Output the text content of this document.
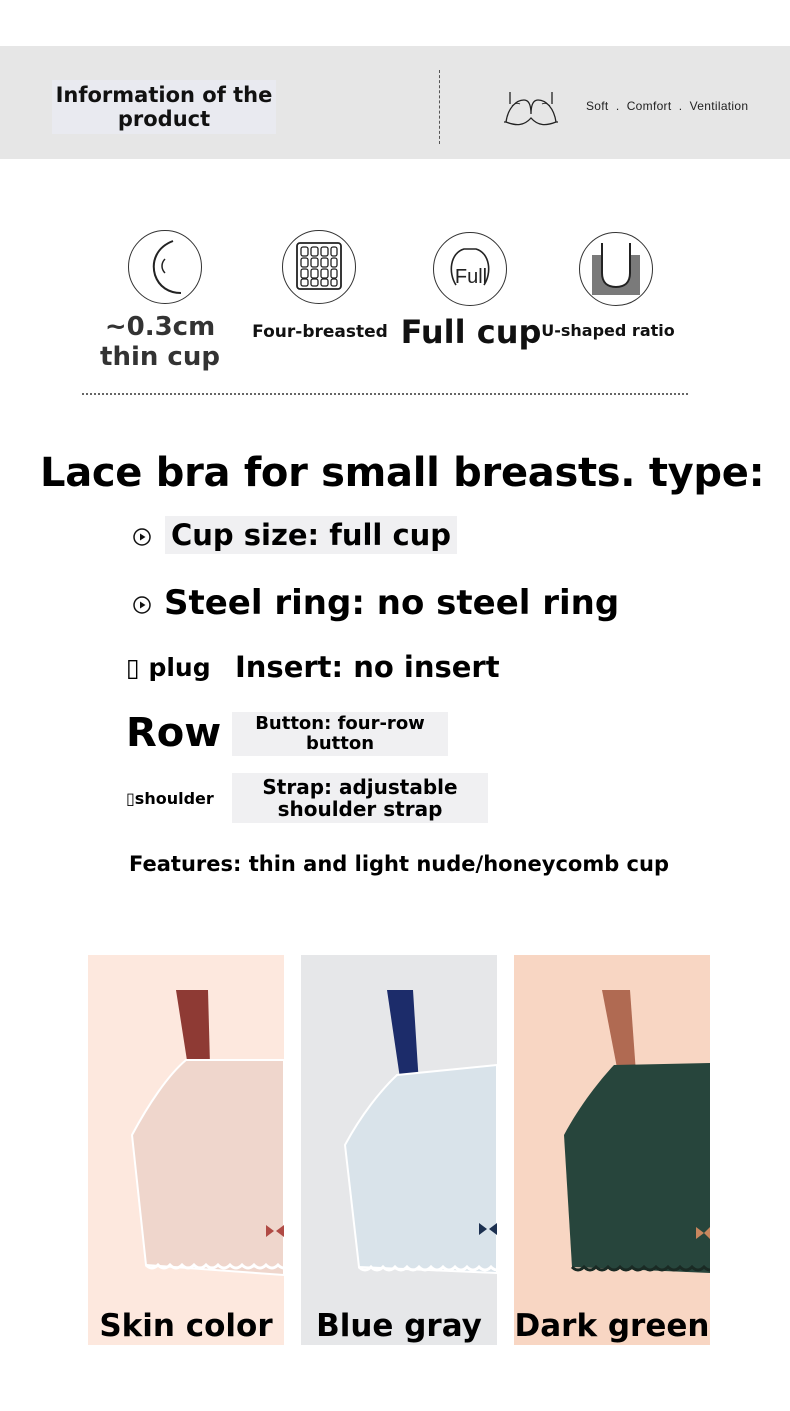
Information of the product
Soft  .  Comfort  .  Ventilation
~0.3cm
thin cup
Four-breasted
Full
Full cup U-shaped ratio
Lace bra for small breasts. type:
Cup size: full cup
Steel ring: no steel ring
▯ plug Insert: no insert
Row	Button: four-row
button
▯shoulder	Strap: adjustable
shoulder strap
Features: thin and light nude/honeycomb cup
Skin color	Blue gray	Dark green
